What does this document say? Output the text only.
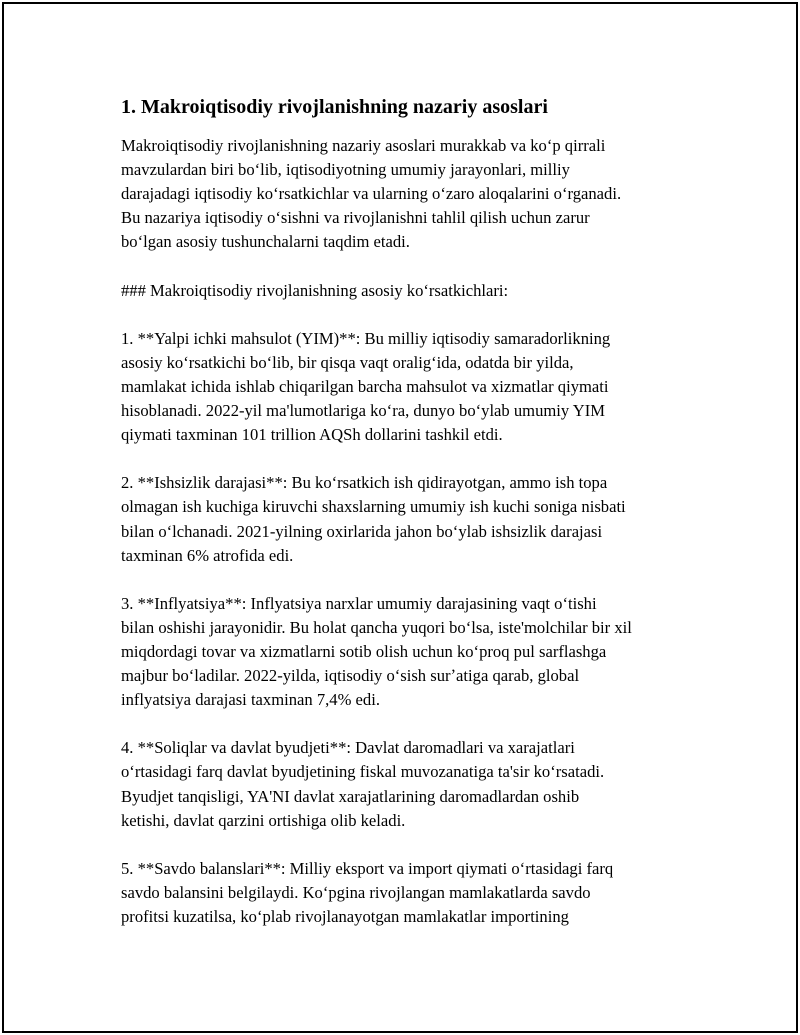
1. Makroiqtisodiy rivojlanishning nazariy asoslari

Makroiqtisodiy rivojlanishning nazariy asoslari murakkab va koʻp qirrali
mavzulardan biri boʻlib, iqtisodiyotning umumiy jarayonlari, milliy
darajadagi iqtisodiy koʻrsatkichlar va ularning oʻzaro aloqalarini oʻrganadi.
Bu nazariya iqtisodiy oʻsishni va rivojlanishni tahlil qilish uchun zarur
boʻlgan asosiy tushunchalarni taqdim etadi.

### Makroiqtisodiy rivojlanishning asosiy koʻrsatkichlari:

1. **Yalpi ichki mahsulot (YIM)**: Bu milliy iqtisodiy samaradorlikning
asosiy koʻrsatkichi boʻlib, bir qisqa vaqt oraligʻida, odatda bir yilda,
mamlakat ichida ishlab chiqarilgan barcha mahsulot va xizmatlar qiymati
hisoblanadi. 2022-yil ma'lumotlariga koʻra, dunyo boʻylab umumiy YIM
qiymati taxminan 101 trillion AQSh dollarini tashkil etdi.

2. **Ishsizlik darajasi**: Bu koʻrsatkich ish qidirayotgan, ammo ish topa
olmagan ish kuchiga kiruvchi shaxslarning umumiy ish kuchi soniga nisbati
bilan oʻlchanadi. 2021-yilning oxirlarida jahon boʻylab ishsizlik darajasi
taxminan 6% atrofida edi.

3. **Inflyatsiya**: Inflyatsiya narxlar umumiy darajasining vaqt oʻtishi
bilan oshishi jarayonidir. Bu holat qancha yuqori boʻlsa, iste'molchilar bir xil
miqdordagi tovar va xizmatlarni sotib olish uchun koʻproq pul sarflashga
majbur boʻladilar. 2022-yilda, iqtisodiy oʻsish surʼatiga qarab, global
inflyatsiya darajasi taxminan 7,4% edi.

4. **Soliqlar va davlat byudjeti**: Davlat daromadlari va xarajatlari
oʻrtasidagi farq davlat byudjetining fiskal muvozanatiga ta'sir koʻrsatadi.
Byudjet tanqisligi, YA'NI davlat xarajatlarining daromadlardan oshib
ketishi, davlat qarzini ortishiga olib keladi.

5. **Savdo balanslari**: Milliy eksport va import qiymati oʻrtasidagi farq
savdo balansini belgilaydi. Koʻpgina rivojlangan mamlakatlarda savdo
profitsi kuzatilsa, koʻplab rivojlanayotgan mamlakatlar importining
